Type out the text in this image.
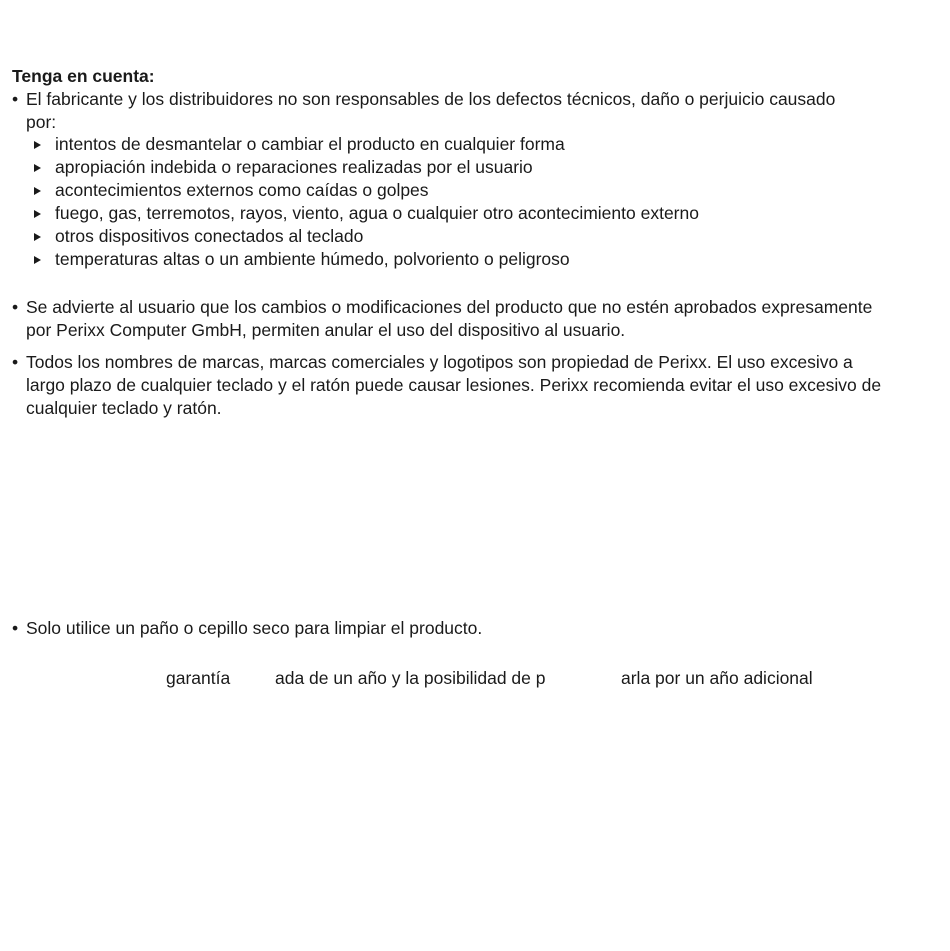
Tenga en cuenta:
• El fabricante y los distribuidores no son responsables de los defectos técnicos, daño o perjuicio causado
por:
intentos de desmantelar o cambiar el producto en cualquier forma
apropiación indebida o reparaciones realizadas por el usuario
acontecimientos externos como caídas o golpes
fuego, gas, terremotos, rayos, viento, agua o cualquier otro acontecimiento externo
otros dispositivos conectados al teclado
temperaturas altas o un ambiente húmedo, polvoriento o peligroso
• Se advierte al usuario que los cambios o modificaciones del producto que no estén aprobados expresamente
por Perixx Computer GmbH, permiten anular el uso del dispositivo al usuario.
• Todos los nombres de marcas, marcas comerciales y logotipos son propiedad de Perixx. El uso excesivo a
largo plazo de cualquier teclado y el ratón puede causar lesiones. Perixx recomienda evitar el uso excesivo de
cualquier teclado y ratón.
• Solo utilice un paño o cepillo seco para limpiar el producto.
garantía	ada de un año y la posibilidad de p	arla por un año adicional
